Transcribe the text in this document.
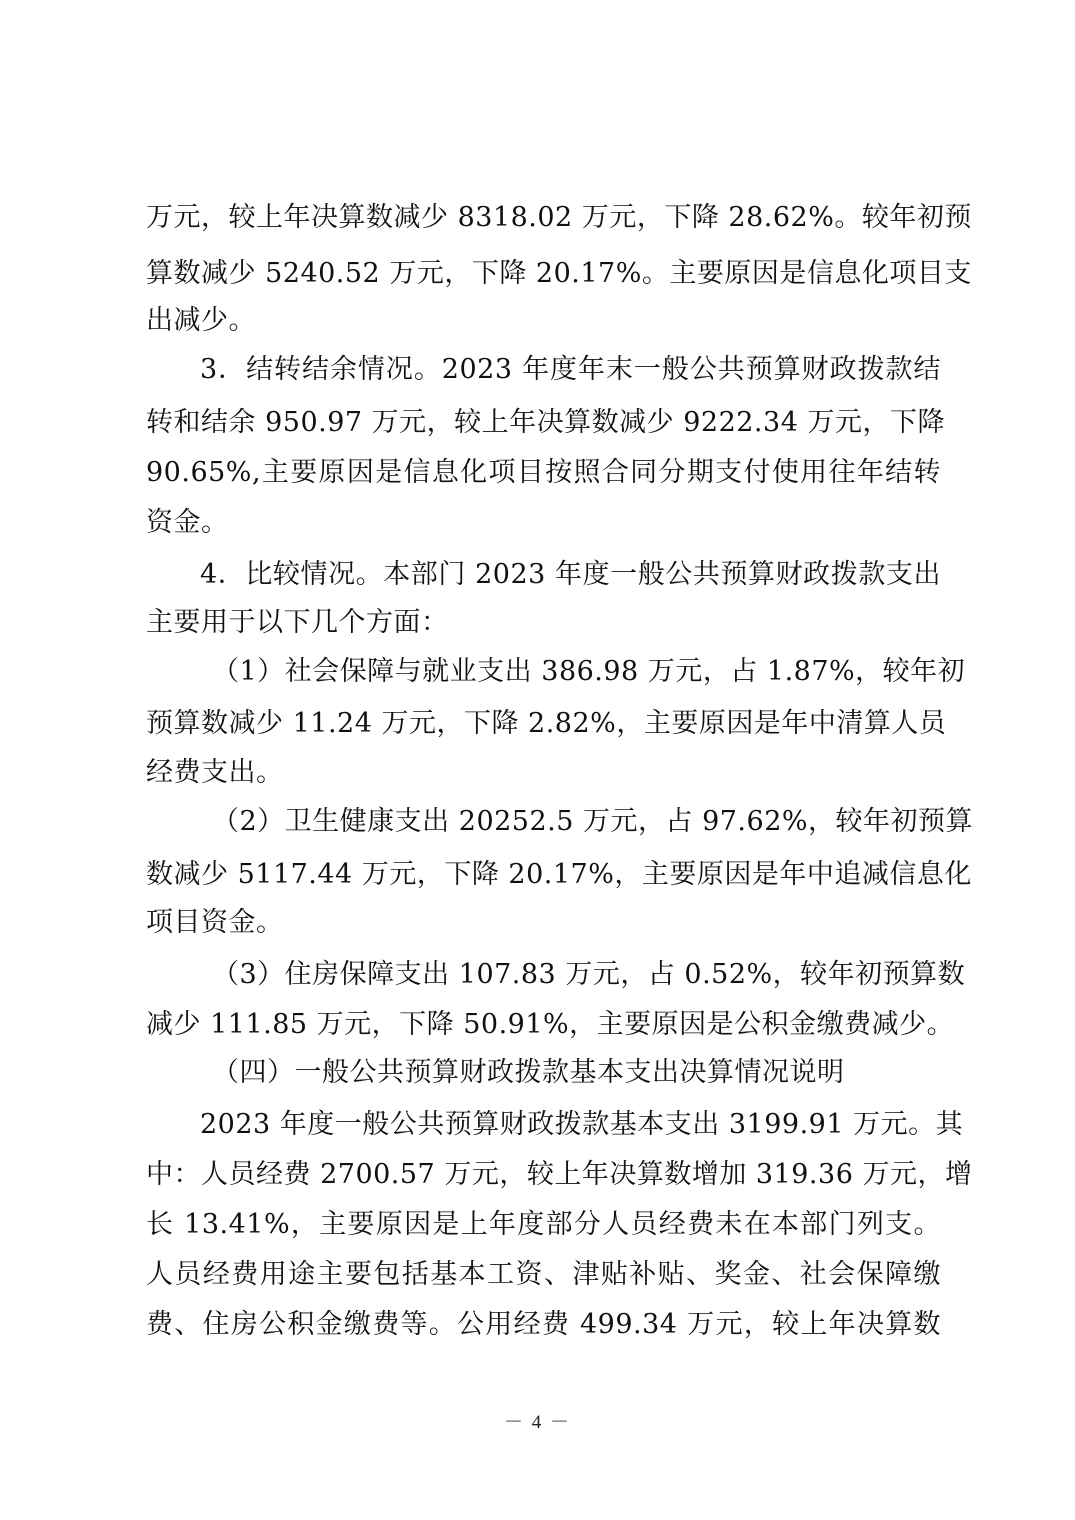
万元，较上年决算数减少 8318.02 万元，下降 28.62%。较年初预
算数减少 5240.52 万元，下降 20.17%。主要原因是信息化项目支
出减少。
3．结转结余情况。2023 年度年末一般公共预算财政拨款结
转和结余 950.97 万元，较上年决算数减少 9222.34 万元，下降
90.65%,主要原因是信息化项目按照合同分期支付使用往年结转
资金。
4．比较情况。本部门 2023 年度一般公共预算财政拨款支出
主要用于以下几个方面：
（1）社会保障与就业支出 386.98 万元，占 1.87%，较年初
预算数减少 11.24 万元，下降 2.82%，主要原因是年中清算人员
经费支出。
（2）卫生健康支出 20252.5 万元，占 97.62%，较年初预算
数减少 5117.44 万元，下降 20.17%，主要原因是年中追减信息化
项目资金。
（3）住房保障支出 107.83 万元，占 0.52%，较年初预算数
减少 111.85 万元，下降 50.91%，主要原因是公积金缴费减少。
（四）一般公共预算财政拨款基本支出决算情况说明
2023 年度一般公共预算财政拨款基本支出 3199.91 万元。其
中：人员经费 2700.57 万元，较上年决算数增加 319.36 万元，增
长 13.41%，主要原因是上年度部分人员经费未在本部门列支。
人员经费用途主要包括基本工资、津贴补贴、奖金、社会保障缴
费、住房公积金缴费等。公用经费 499.34 万元，较上年决算数
－ 4 －
